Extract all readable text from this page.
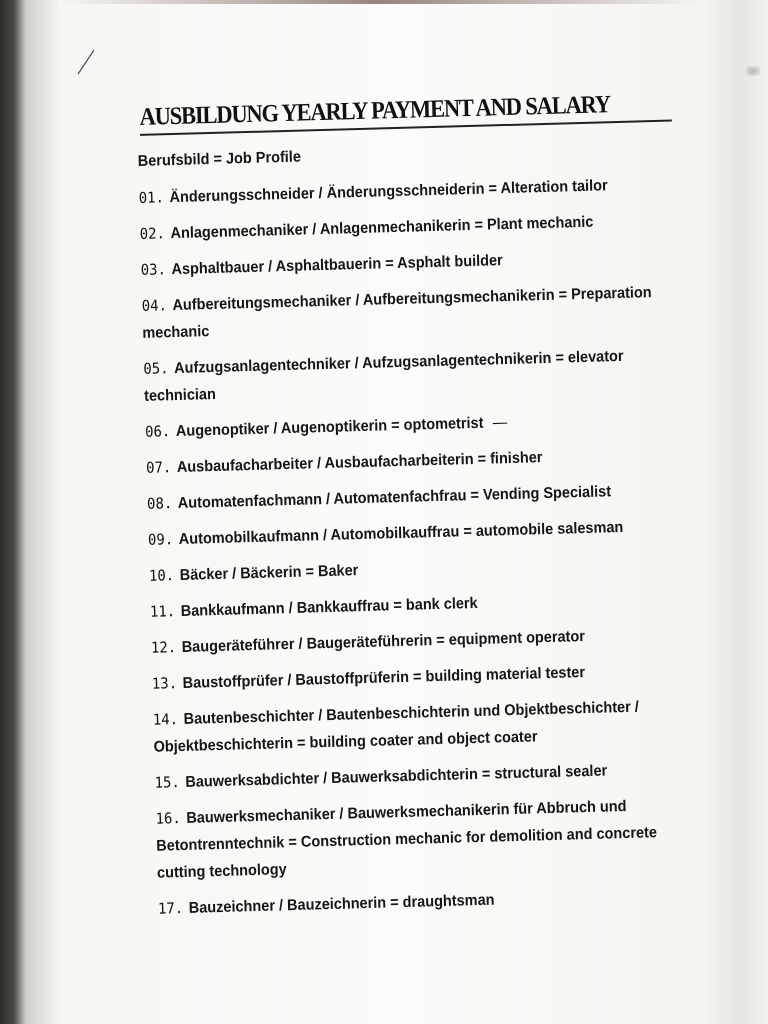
AUSBILDUNG YEARLY PAYMENT AND SALARY
Berufsbild = Job Profile
01. Änderungsschneider / Änderungsschneiderin = Alteration tailor
02. Anlagenmechaniker / Anlagenmechanikerin = Plant mechanic
03. Asphaltbauer / Asphaltbauerin = Asphalt builder
04. Aufbereitungsmechaniker / Aufbereitungsmechanikerin = Preparation mechanic
05. Aufzugsanlagentechniker / Aufzugsanlagentechnikerin = elevator technician
06. Augenoptiker / Augenoptikerin = optometrist —
07. Ausbaufacharbeiter / Ausbaufacharbeiterin = finisher
08. Automatenfachmann / Automatenfachfrau = Vending Specialist
09. Automobilkaufmann / Automobilkauffrau = automobile salesman
10. Bäcker / Bäckerin = Baker
11. Bankkaufmann / Bankkauffrau = bank clerk
12. Baugeräteführer / Baugeräteführerin = equipment operator
13. Baustoffprüfer / Baustoffprüferin = building material tester
14. Bautenbeschichter / Bautenbeschichterin und Objektbeschichter / Objektbeschichterin = building coater and object coater
15. Bauwerksabdichter / Bauwerksabdichterin = structural sealer
16. Bauwerksmechaniker / Bauwerksmechanikerin für Abbruch und Betontrenntechnik = Construction mechanic for demolition and concrete cutting technology
17. Bauzeichner / Bauzeichnerin = draughtsman
